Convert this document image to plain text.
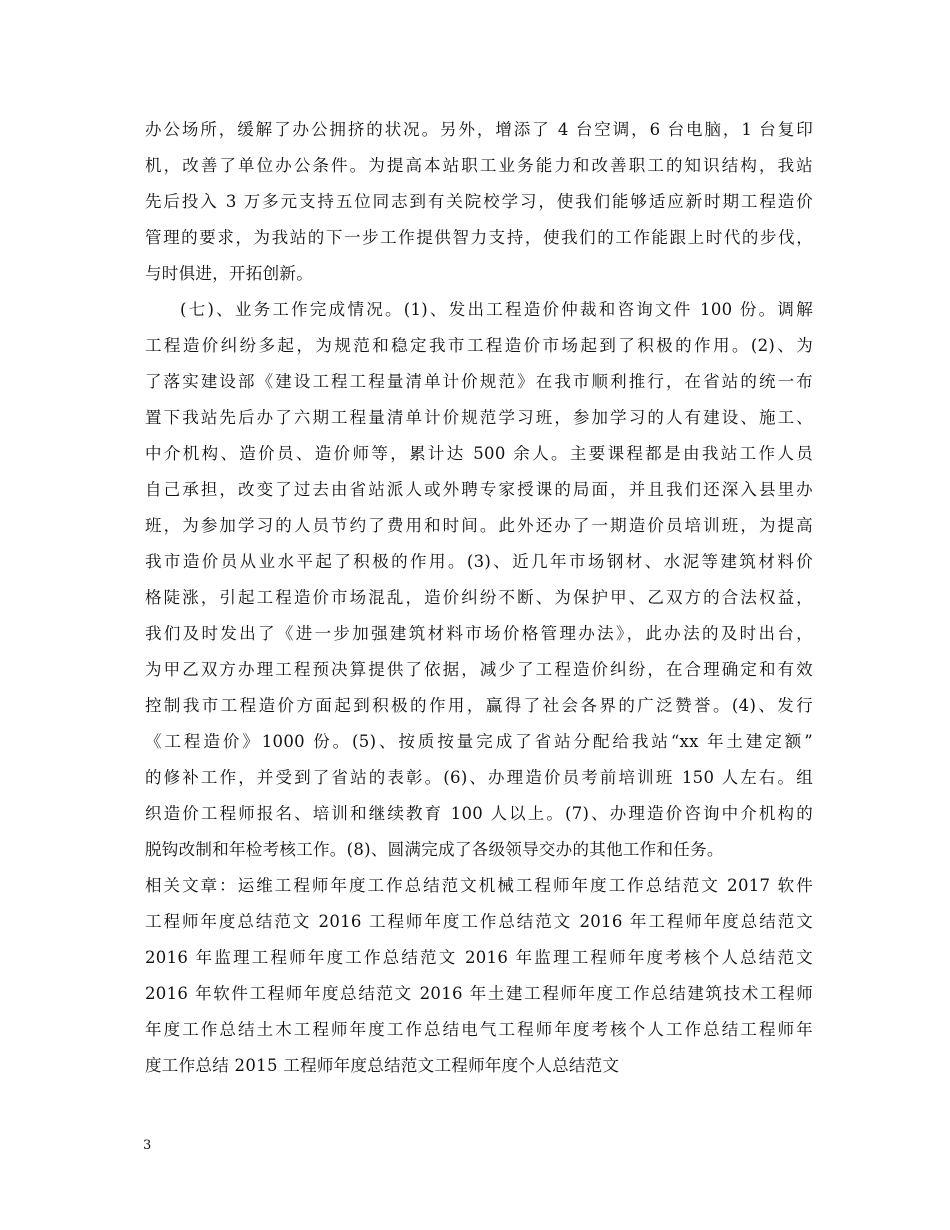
办公场所，缓解了办公拥挤的状况。另外，增添了 4 台空调，6 台电脑，1 台复印
机，改善了单位办公条件。为提高本站职工业务能力和改善职工的知识结构，我站
先后投入 3 万多元支持五位同志到有关院校学习，使我们能够适应新时期工程造价
管理的要求，为我站的下一步工作提供智力支持，使我们的工作能跟上时代的步伐，
与时俱进，开拓创新。
(七)、业务工作完成情况。(1)、发出工程造价仲裁和咨询文件 100 份。调解
工程造价纠纷多起，为规范和稳定我市工程造价市场起到了积极的作用。(2)、为
了落实建设部《建设工程工程量清单计价规范》在我市顺利推行，在省站的统一布
置下我站先后办了六期工程量清单计价规范学习班，参加学习的人有建设、施工、
中介机构、造价员、造价师等，累计达 500 余人。主要课程都是由我站工作人员
自己承担，改变了过去由省站派人或外聘专家授课的局面，并且我们还深入县里办
班，为参加学习的人员节约了费用和时间。此外还办了一期造价员培训班，为提高
我市造价员从业水平起了积极的作用。(3)、近几年市场钢材、水泥等建筑材料价
格陡涨，引起工程造价市场混乱，造价纠纷不断、为保护甲、乙双方的合法权益，
我们及时发出了《进一步加强建筑材料市场价格管理办法》，此办法的及时出台，
为甲乙双方办理工程预决算提供了依据，减少了工程造价纠纷，在合理确定和有效
控制我市工程造价方面起到积极的作用，赢得了社会各界的广泛赞誉。(4)、发行
《工程造价》1000 份。(5)、按质按量完成了省站分配给我站“xx 年土建定额”
的修补工作，并受到了省站的表彰。(6)、办理造价员考前培训班 150 人左右。组
织造价工程师报名、培训和继续教育 100 人以上。(7)、办理造价咨询中介机构的
脱钩改制和年检考核工作。(8)、圆满完成了各级领导交办的其他工作和任务。
相关文章：运维工程师年度工作总结范文机械工程师年度工作总结范文 2017 软件
工程师年度总结范文 2016 工程师年度工作总结范文 2016 年工程师年度总结范文
2016 年监理工程师年度工作总结范文 2016 年监理工程师年度考核个人总结范文
2016 年软件工程师年度总结范文 2016 年土建工程师年度工作总结建筑技术工程师
年度工作总结土木工程师年度工作总结电气工程师年度考核个人工作总结工程师年
度工作总结 2015 工程师年度总结范文工程师年度个人总结范文
3
